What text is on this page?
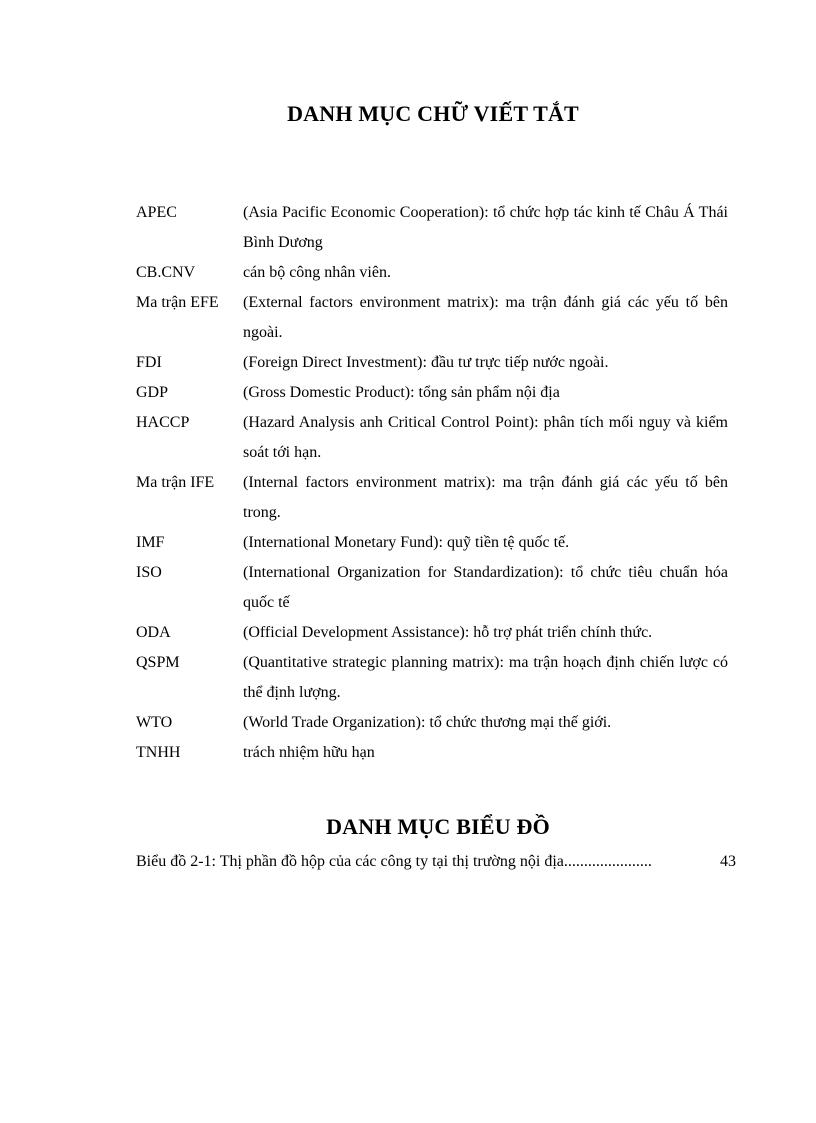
DANH MỤC CHỮ VIẾT TẮT
APEC	(Asia Pacific Economic Cooperation): tổ chức hợp tác kinh tế Châu Á Thái Bình Dương
CB.CNV	cán bộ công nhân viên.
Ma trận EFE	(External factors environment matrix): ma trận đánh giá các yếu tố bên ngoài.
FDI	(Foreign Direct Investment): đầu tư trực tiếp nước ngoài.
GDP	(Gross Domestic Product): tổng sản phẩm nội địa
HACCP	(Hazard Analysis anh Critical Control Point): phân tích mối nguy và kiểm soát tới hạn.
Ma trận IFE	(Internal factors environment matrix): ma trận đánh giá các yếu tố bên trong.
IMF	(International Monetary Fund): quỹ tiền tệ quốc tế.
ISO	(International Organization for Standardization): tổ chức tiêu chuẩn hóa quốc tế
ODA	(Official Development Assistance): hỗ trợ phát triển chính thức.
QSPM	(Quantitative strategic planning matrix): ma trận hoạch định chiến lược có thể định lượng.
WTO	(World Trade Organization): tổ chức thương mại thế giới.
TNHH	trách nhiệm hữu hạn
DANH MỤC BIỂU ĐỒ
Biểu đồ 2-1: Thị phần đồ hộp của các công ty tại thị trường nội địa ......................	43
